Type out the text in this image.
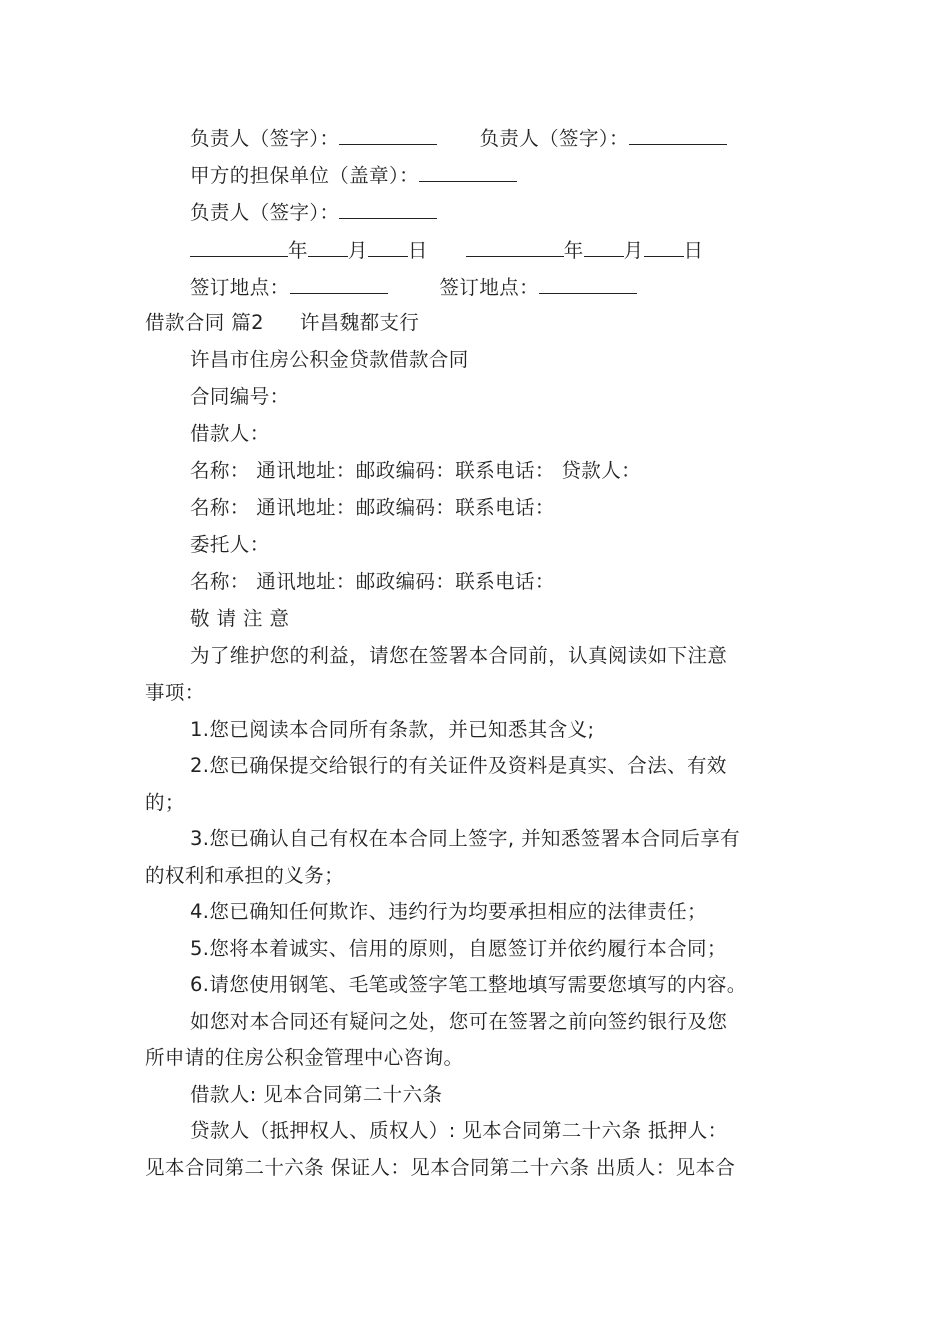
负责人（签字）：	负责人（签字）：
甲方的担保单位（盖章）：
负责人（签字）：
年 月 日	年 月 日
签订地点：	签订地点：
借款合同 篇2 许昌魏都支行
许昌市住房公积金贷款借款合同
合同编号：
借款人：
名称： 通讯地址：邮政编码：联系电话： 贷款人：
名称： 通讯地址：邮政编码：联系电话：
委托人：
名称： 通讯地址：邮政编码：联系电话：
敬 请 注 意
为了维护您的利益，请您在签署本合同前，认真阅读如下注意
事项：
1.您已阅读本合同所有条款，并已知悉其含义;
2.您已确保提交给银行的有关证件及资料是真实、合法、有效
的；
3.您已确认自己有权在本合同上签字, 并知悉签署本合同后享有
的权利和承担的义务；
4.您已确知任何欺诈、违约行为均要承担相应的法律责任；
5.您将本着诚实、信用的原则，自愿签订并依约履行本合同；
6.请您使用钢笔、毛笔或签字笔工整地填写需要您填写的内容。
如您对本合同还有疑问之处，您可在签署之前向签约银行及您
所申请的住房公积金管理中心咨询。
借款人: 见本合同第二十六条
贷款人（抵押权人、质权人）: 见本合同第二十六条 抵押人：
见本合同第二十六条 保证人：见本合同第二十六条 出质人：见本合
